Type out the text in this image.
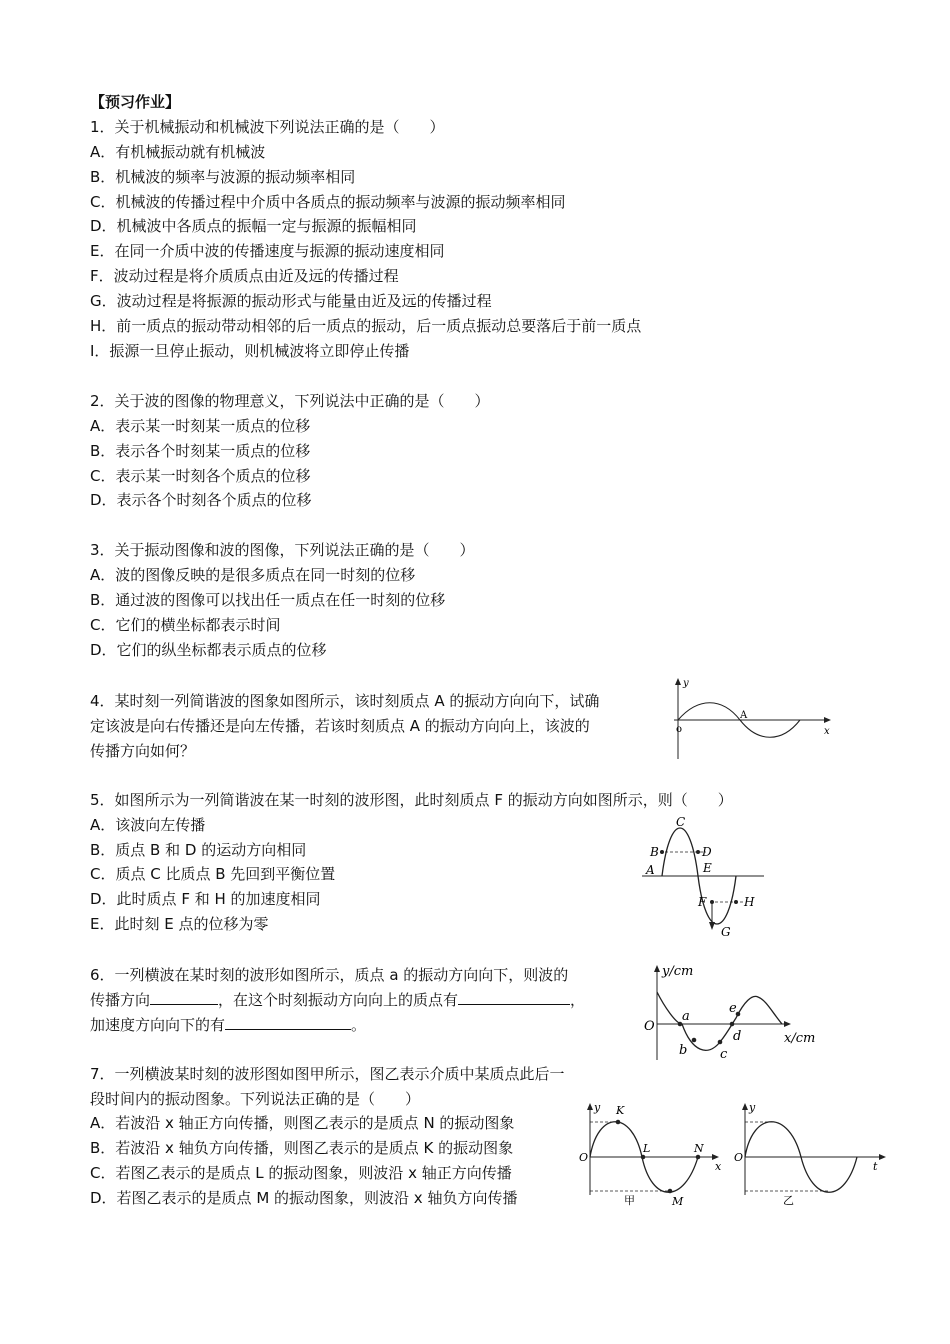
【预习作业】
1．关于机械振动和机械波下列说法正确的是（　　）
A．有机械振动就有机械波
B．机械波的频率与波源的振动频率相同
C．机械波的传播过程中介质中各质点的振动频率与波源的振动频率相同
D．机械波中各质点的振幅一定与振源的振幅相同
E．在同一介质中波的传播速度与振源的振动速度相同
F．波动过程是将介质质点由近及远的传播过程
G．波动过程是将振源的振动形式与能量由近及远的传播过程
H．前一质点的振动带动相邻的后一质点的振动，后一质点振动总要落后于前一质点
I．振源一旦停止振动，则机械波将立即停止传播
2．关于波的图像的物理意义，下列说法中正确的是（　　）
A．表示某一时刻某一质点的位移
B．表示各个时刻某一质点的位移
C．表示某一时刻各个质点的位移
D．表示各个时刻各个质点的位移
3．关于振动图像和波的图像，下列说法正确的是（　　）
A．波的图像反映的是很多质点在同一时刻的位移
B．通过波的图像可以找出任一质点在任一时刻的位移
C．它们的横坐标都表示时间
D．它们的纵坐标都表示质点的位移
4．某时刻一列简谐波的图象如图所示，该时刻质点 A 的振动方向向下，试确
定该波是向右传播还是向左传播，若该时刻质点 A 的振动方向向上，该波的
传播方向如何？
y
o	x
A
5．如图所示为一列简谐波在某一时刻的波形图，此时刻质点 F 的振动方向如图所示，则（　　）
A．该波向左传播
B．质点 B 和 D 的运动方向相同
C．质点 C 比质点 B 先回到平衡位置
D．此时质点 F 和 H 的加速度相同
E．此时刻 E 点的位移为零
A
B
C
D
E
F
G
H
6．一列横波在某时刻的波形如图所示，质点 a 的振动方向向下，则波的
传播方向	，在这个时刻振动方向向上的质点有	，
加速度方向向下的有	。
y/cm
O
x/cm
a
b	c
d
e
7．一列横波某时刻的波形图如图甲所示，图乙表示介质中某质点此后一
段时间内的振动图象。下列说法正确的是（　　）
A．若波沿 x 轴正方向传播，则图乙表示的是质点 N 的振动图象
B．若波沿 x 轴负方向传播，则图乙表示的是质点 K 的振动图象
C．若图乙表示的是质点 L 的振动图象，则波沿 x 轴正方向传播
D．若图乙表示的是质点 M 的振动图象，则波沿 x 轴负方向传播
y
O
x
K
L
M
N
甲
y
O
t
乙
